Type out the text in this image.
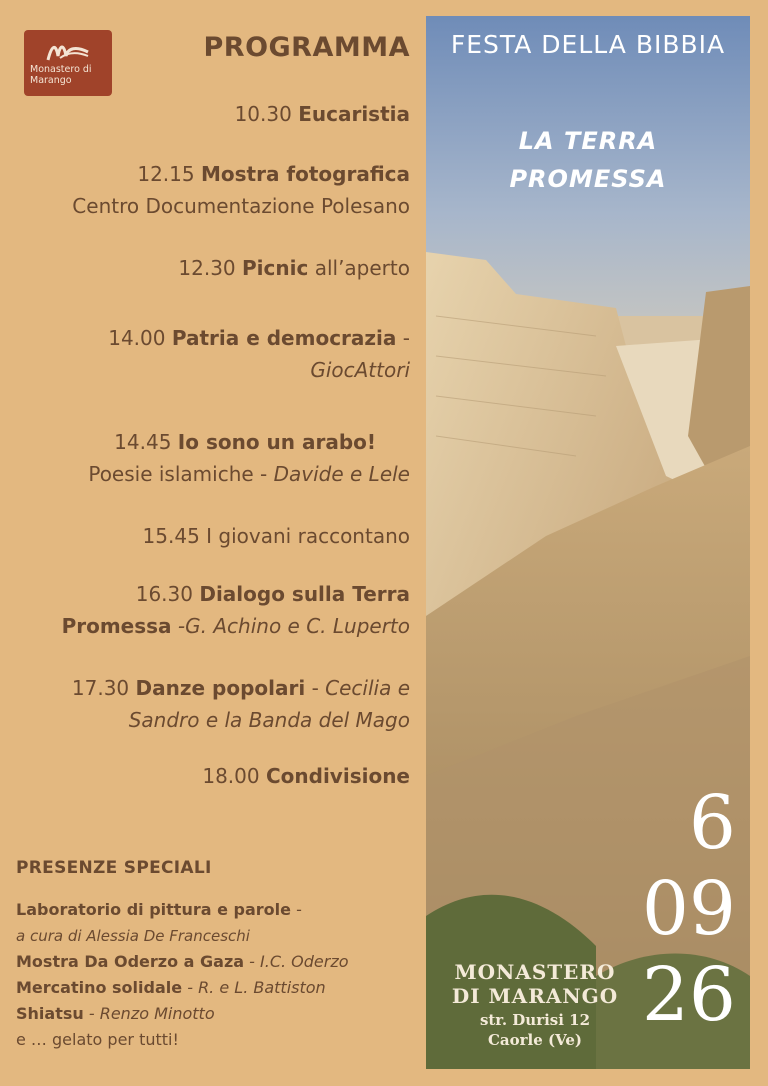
Monastero di
Marango
PROGRAMMA
10.30 Eucaristia
12.15 Mostra fotografica
Centro Documentazione Polesano
12.30 Picnic all’aperto
14.00 Patria e democrazia -
GiocAttori
14.45 Io sono un arabo!
Poesie islamiche - Davide e Lele
15.45 I giovani raccontano
16.30 Dialogo sulla Terra
Promessa -G. Achino e C. Luperto
17.30 Danze popolari - Cecilia e
Sandro e la Banda del Mago
18.00 Condivisione
PRESENZE SPECIALI
Laboratorio di pittura e parole -
a cura di Alessia De Franceschi
Mostra Da Oderzo a Gaza - I.C. Oderzo
Mercatino solidale - R. e L. Battiston
Shiatsu - Renzo Minotto
e … gelato per tutti!
FESTA DELLA BIBBIA
LA TERRA
PROMESSA
6
09
26
MONASTERO
DI MARANGO
str. Durisi 12
Caorle (Ve)
